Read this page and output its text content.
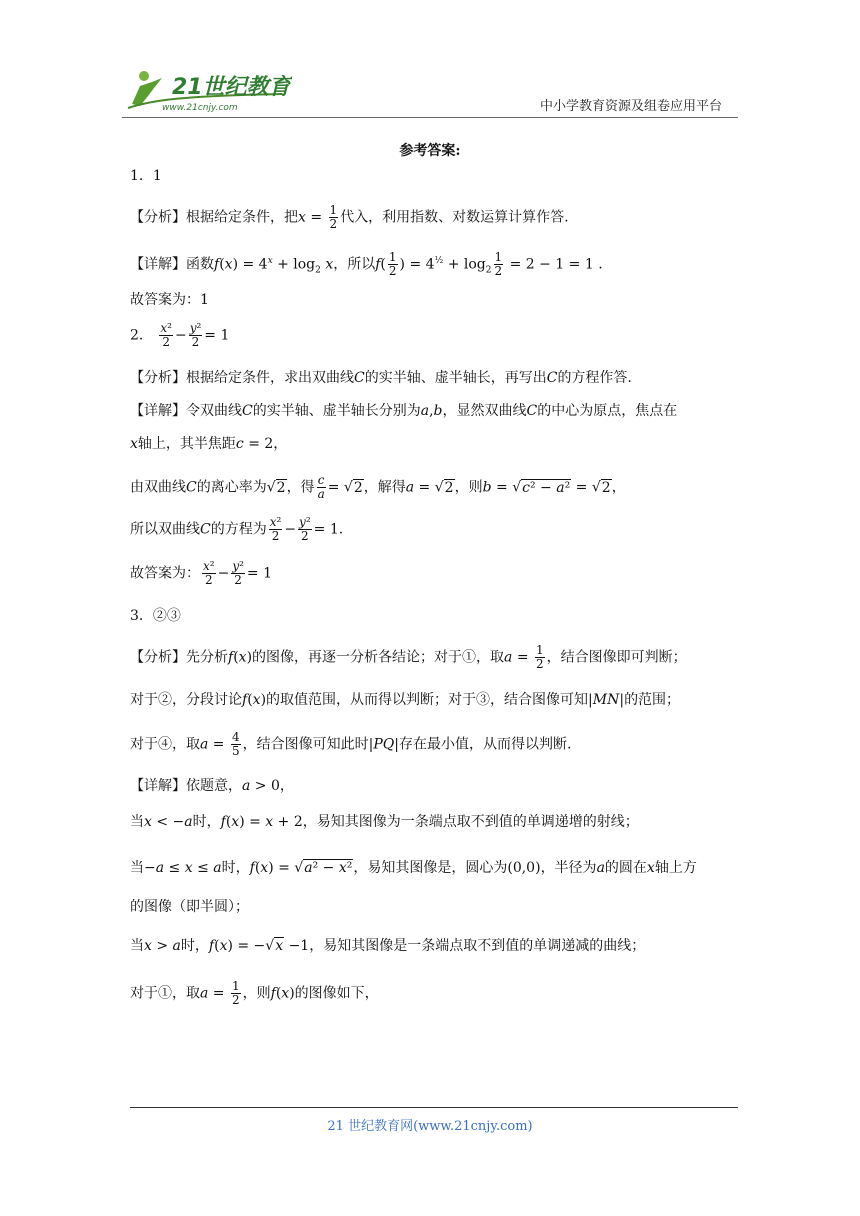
21世纪教育
www.21cnjy.com	中小学教育资源及组卷应用平台
参考答案:
1．1
【分析】根据给定条件，把$x = \frac{1}{2}$ 代入，利用指数、对数运算计算作答.
【详解】函数$f(x) = 4^x + \log_2 x$，所以$f( \frac{1}{2}$ ) = $4^{\frac{1}{2}} + \log_2 \frac{1}{2} = 2 - 1 = 1$ .
故答案为：1
2． $\frac{\text{x²}}{2} - \frac{\text{y²}}{2} = 1$
【分析】根据给定条件，求出双曲线C的实半轴、虚半轴长，再写出C的方程作答.
【详解】令双曲线C的实半轴、虚半轴长分别为a,b，显然双曲线C的中心为原点，焦点在
x轴上，其半焦距c = 2，
由双曲线C的离心率为√2，得 $\frac{c}{a} = √2$，解得a = √2，则b = √c² − a² = √2，
所以双曲线C的方程为 $\frac{\text{x²}}{2} - \frac{\text{y²}}{2} = 1$.
故答案为： $\frac{\text{x²}}{2} - \frac{\text{y²}}{2} = 1$
3．②③
【分析】先分析f(x)的图像，再逐一分析各结论；对于①，取$a = \frac{1}{2}$ ，结合图像即可判断；
对于②，分段讨论f(x)的取值范围，从而得以判断；对于③，结合图像可知|MN|的范围；
对于④，取$a = \frac{4}{5}$ ，结合图像可知此时|PQ|存在最小值，从而得以判断.
【详解】依题意，a > 0，
当x < −a时，f(x) = x + 2，易知其图像为一条端点取不到值的单调递增的射线；
当−a ≤ x ≤ a时，f(x) = √a² − x²，易知其图像是，圆心为(0,0)，半径为a的圆在x轴上方
的图像（即半圆）；
当x > a时，f(x) = −√x −1，易知其图像是一条端点取不到值的单调递减的曲线；
对于①，取$a = \frac{1}{2}$ ，则f(x)的图像如下，
21 世纪教育网(www.21cnjy.com)
